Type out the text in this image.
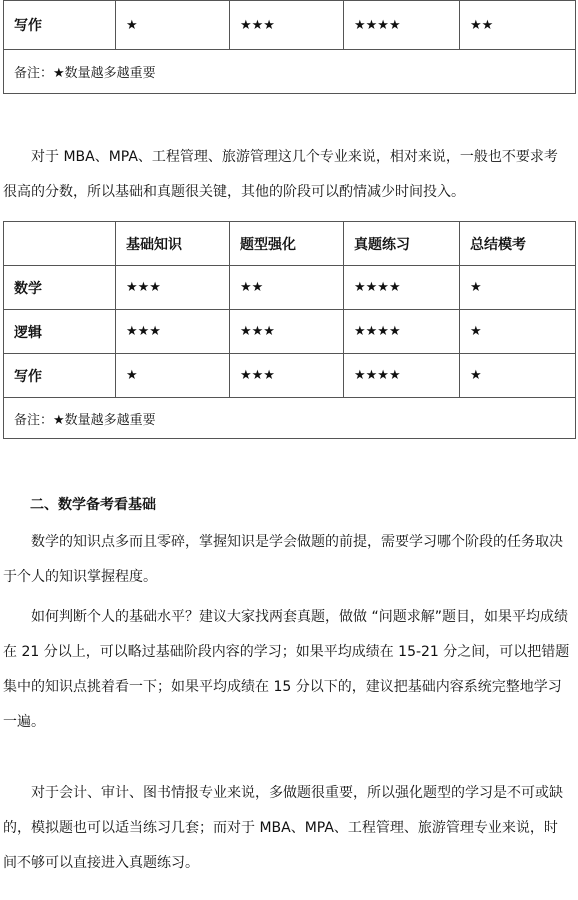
写作	★	★★★	★★★★	★★
备注：★数量越多越重要

对于 MBA、MPA、工程管理、旅游管理这几个专业来说，相对来说，一般也不要求考很高的分数，所以基础和真题很关键，其他的阶段可以酌情减少时间投入。

	基础知识	题型强化	真题练习	总结模考
数学	★★★	★★	★★★★	★
逻辑	★★★	★★★	★★★★	★
写作	★	★★★	★★★★	★
备注：★数量越多越重要				

二、数学备考看基础

数学的知识点多而且零碎，掌握知识是学会做题的前提，需要学习哪个阶段的任务取决于个人的知识掌握程度。

如何判断个人的基础水平？建议大家找两套真题，做做 “问题求解”题目，如果平均成绩在 21 分以上，可以略过基础阶段内容的学习；如果平均成绩在 15-21 分之间，可以把错题集中的知识点挑着看一下；如果平均成绩在 15 分以下的，建议把基础内容系统完整地学习一遍。

对于会计、审计、图书情报专业来说，多做题很重要，所以强化题型的学习是不可或缺的，模拟题也可以适当练习几套；而对于 MBA、MPA、工程管理、旅游管理专业来说，时间不够可以直接进入真题练习。
